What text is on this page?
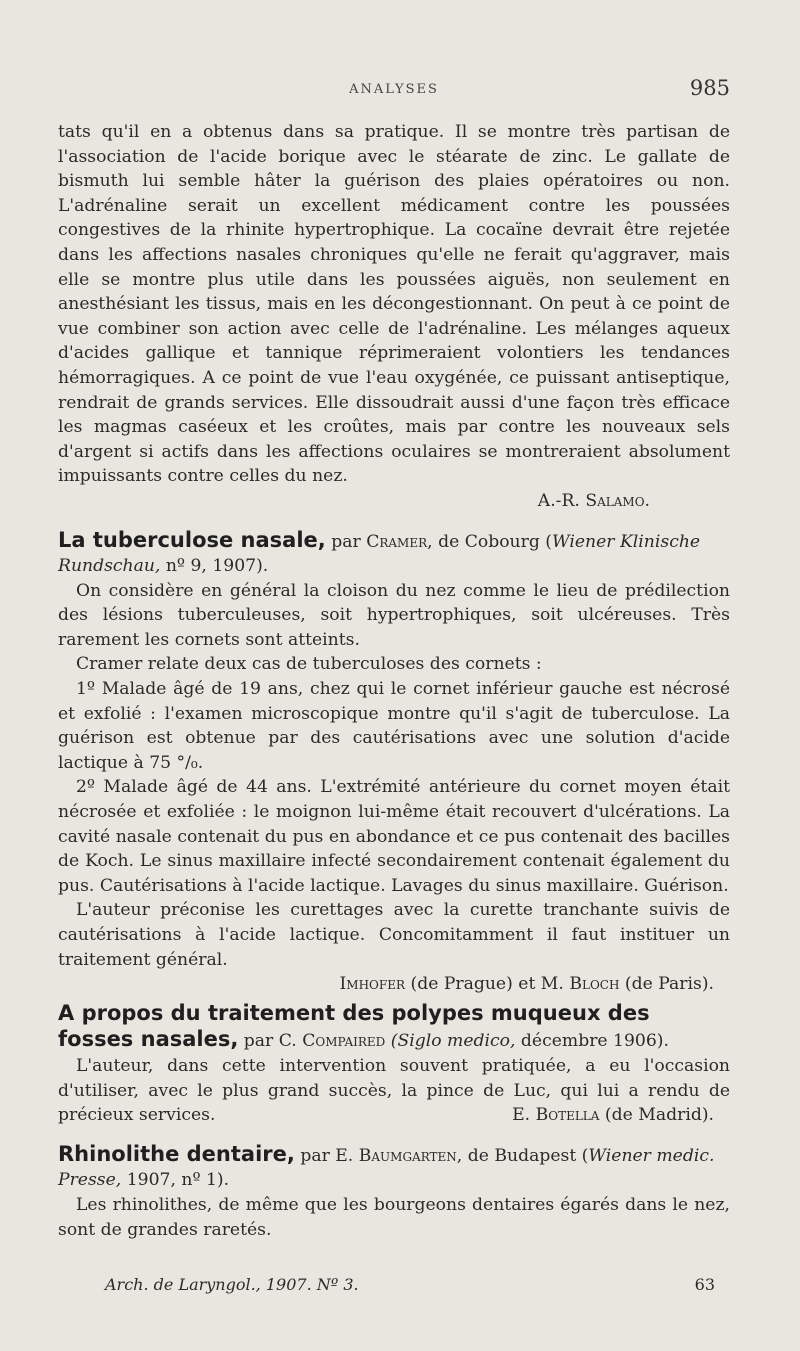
ANALYSES	985

tats qu'il en a obtenus dans sa pratique. Il se montre très partisan de l'association de l'acide borique avec le stéarate de zinc. Le gallate de bismuth lui semble hâter la guérison des plaies opératoires ou non. L'adrénaline serait un excellent médicament contre les poussées congestives de la rhinite hypertrophique. La cocaïne devrait être rejetée dans les affections nasales chroniques qu'elle ne ferait qu'aggraver, mais elle se montre plus utile dans les poussées aiguës, non seulement en anesthésiant les tissus, mais en les décongestionnant. On peut à ce point de vue combiner son action avec celle de l'adrénaline. Les mélanges aqueux d'acides gallique et tannique réprimeraient volontiers les tendances hémorragiques. A ce point de vue l'eau oxygénée, ce puissant antiseptique, rendrait de grands services. Elle dissoudrait aussi d'une façon très efficace les magmas caséeux et les croûtes, mais par contre les nouveaux sels d'argent si actifs dans les affections oculaires se montreraient absolument impuissants contre celles du nez.

A.-R. Salamo.

La tuberculose nasale, par Cramer, de Cobourg (Wiener Klinische Rundschau, nº 9, 1907).

On considère en général la cloison du nez comme le lieu de prédilection des lésions tuberculeuses, soit hypertrophiques, soit ulcéreuses. Très rarement les cornets sont atteints.

Cramer relate deux cas de tuberculoses des cornets :

1º Malade âgé de 19 ans, chez qui le cornet inférieur gauche est nécrosé et exfolié : l'examen microscopique montre qu'il s'agit de tuberculose. La guérison est obtenue par des cautérisations avec une solution d'acide lactique à 75 °/₀.

2º Malade âgé de 44 ans. L'extrémité antérieure du cornet moyen était nécrosée et exfoliée : le moignon lui-même était recouvert d'ulcérations. La cavité nasale contenait du pus en abondance et ce pus contenait des bacilles de Koch. Le sinus maxillaire infecté secondairement contenait également du pus. Cautérisations à l'acide lactique. Lavages du sinus maxillaire. Guérison.

L'auteur préconise les curettages avec la curette tranchante suivis de cautérisations à l'acide lactique. Concomitamment il faut instituer un traitement général.

Imhofer (de Prague) et M. Bloch (de Paris).

A propos du traitement des polypes muqueux des fosses nasales, par C. Compaired (Siglo medico, décembre 1906).

L'auteur, dans cette intervention souvent pratiquée, a eu l'occasion d'utiliser, avec le plus grand succès, la pince de Luc, qui lui a rendu de précieux services.	E. Botella (de Madrid).

Rhinolithe dentaire, par E. Baumgarten, de Budapest (Wiener medic. Presse, 1907, nº 1).

Les rhinolithes, de même que les bourgeons dentaires égarés dans le nez, sont de grandes raretés.

Arch. de Laryngol., 1907. Nº 3.	63
